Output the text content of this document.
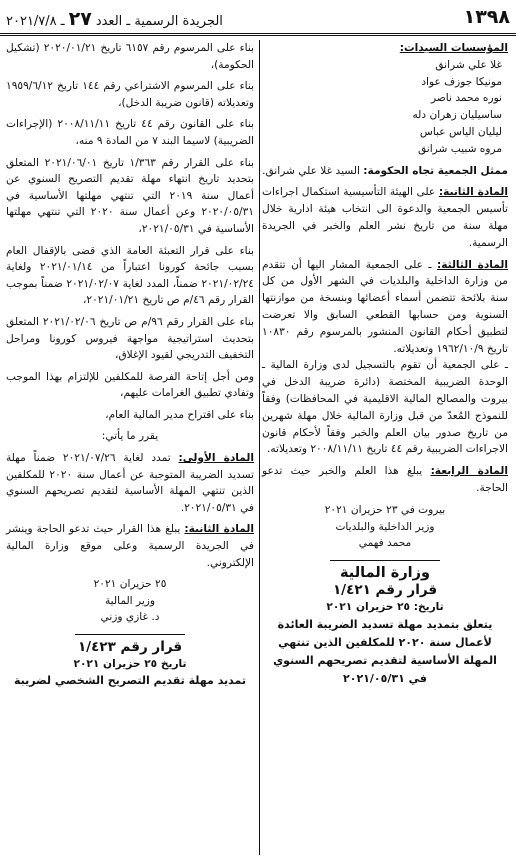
١٣٩٨
الجريدة الرسمية ـ العدد٢٧ـ ٢٠٢١/٧/٨

المؤسسات السيدات:

غلا علي شرانق

مونيكا جوزف عواد

نوره محمد ناصر

ساسيليان زهران دله

ليليان الياس عباس

مروه شبيب شرانق

ممثل الجمعية تجاه الحكومة: السيد غلا علي شرانق.

المادة الثانية: على الهيئة التأسيسية استكمال اجراءات تأسيس الجمعية والدعوة الى انتخاب هيئة ادارية خلال مهلة سنة من تاريخ نشر العلم والخبر في الجريدة الرسمية.

المادة الثالثة: ـ على الجمعية المشار اليها أن تتقدم من وزارة الداخلية والبلديات في الشهر الأول من كل سنة بلائحة تتضمن أسماء أعضائها وبنسخة من موازنتها السنوية ومن حسابها القطعي السابق والا تعرضت لتطبيق أحكام القانون المنشور بالمرسوم رقم ١٠٨٣٠ تاريخ ١٩٦٢/١٠/٩ وتعديلاته.

ـ على الجمعية أن تقوم بالتسجيل لدى وزارة المالية ـ الوحدة الضريبية المختصة (دائرة ضريبة الدخل في بيروت والمصالح المالية الاقليمية في المحافظات) وفقاً للنموذج المُعدّ من قبل وزارة المالية خلال مهلة شهرين من تاريخ صدور بيان العلم والخبر وفقاً لأحكام قانون الاجراءات الضريبية رقم ٤٤ تاريخ ٢٠٠٨/١١/١١ وتعديلاته.

المادة الرابعة: يبلغ هذا العلم والخبر حيث تدعو الحاجة.

بيروت في ٢٣ حزيران ٢٠٢١

وزير الداخلية والبلديات

محمد فهمي

وزارة المالية

قرار رقم ١/٤٢١

تاريخ: ٢٥ حزيران ٢٠٢١

يتعلق بتمديد مهلة تسديد الضريبة العائدة لأعمال سنة ٢٠٢٠ للمكلفين الذين تنتهي المهلة الأساسية لتقديم تصريحهم السنوي في ٢٠٢١/٠٥/٣١

بناء على المرسوم رقم ٦١٥٧ تاريخ ٢٠٢٠/٠١/٢١ (تشكيل الحكومة)،

بناء على المرسوم الاشتراعي رقم ١٤٤ تاريخ ١٩٥٩/٦/١٢ وتعديلاته (قانون ضريبة الدخل)،

بناء على القانون رقم ٤٤ تاريخ ٢٠٠٨/١١/١١ (الإجراءات الضريبية) لاسيما البند ٧ من المادة ٩ منه،

بناء على القرار رقم ١/٣٦٣ تاريخ ٢٠٢١/٠٦/٠١ المتعلق بتحديد تاريخ انتهاء مهلة تقديم التصريح السنوي عن أعمال سنة ٢٠١٩ التي تنتهي مهلتها الأساسية في ٢٠٢٠/٠٥/٣١ وعن أعمال سنة ٢٠٢٠ التي تنتهي مهلتها الأساسية في ٢٠٢١/٠٥/٣١،

بناء على قرار التعبئة العامة الذي قضى بالإقفال العام بسبب جائحة كورونا اعتباراً من ٢٠٢١/٠١/١٤ ولغاية ٢٠٢١/٠٢/٢٤ ضمناً، المدد لغاية ٢٠٢١/٠٢/٠٧ ضمناً بموجب القرار رقم ٤٦/م ص تاريخ ٢٠٢١/٠١/٢١،

بناء على القرار رقم ٩٦/م ص تاريخ ٢٠٢١/٠٢/٠٦ المتعلق بتحديث استراتيجية مواجهة فيروس كورونا ومراحل التخفيف التدريجي لقيود الإغلاق،

ومن أجل إتاحة الفرصة للمكلفين للإلتزام بهذا الموجب وتفادي تطبيق الغرامات عليهم،

بناء على اقتراح مدير المالية العام،

يقرر ما يأتي:

المادة الأولى: تمدد لغاية ٢٠٢١/٠٧/٢٦ ضمناً مهلة تسديد الضريبة المتوجبة عن أعمال سنة ٢٠٢٠ للمكلفين الذين تنتهي المهلة الأساسية لتقديم تصريحهم السنوي في ٢٠٢١/٠٥/٣١.

المادة الثانية: يبلغ هذا القرار حيث تدعو الحاجة وينشر في الجريدة الرسمية وعلى موقع وزارة المالية الإلكتروني.

٢٥ حزيران ٢٠٢١

وزير المالية

د. غازي وزني

قرار رقم ١/٤٢٣

تاريخ ٢٥ حزيران ٢٠٢١

تمديد مهلة تقديم التصريح الشخصي لضريبة
